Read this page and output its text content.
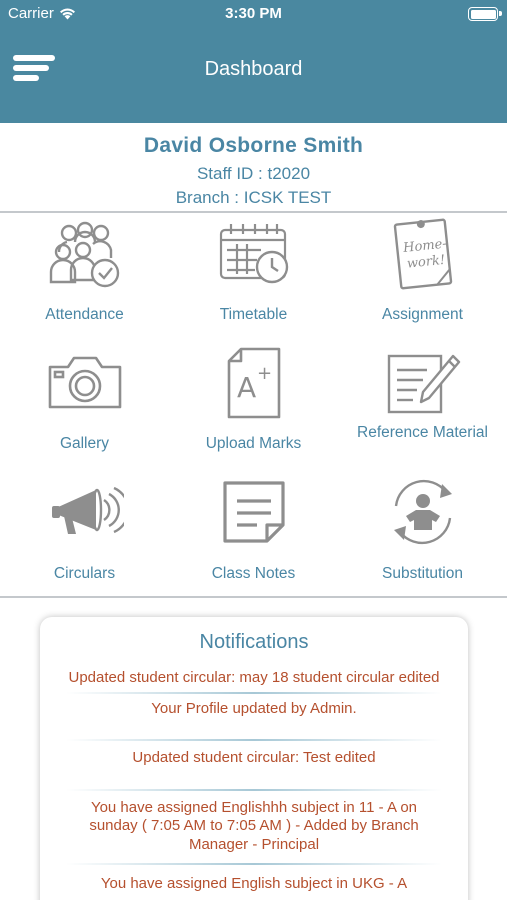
Carrier	3:30 PM
Dashboard
David Osborne Smith
Staff ID : t2020
Branch : ICSK TEST
Attendance	Timetable
Home-
work!
Assignment
Gallery
A +
Upload Marks
Reference Material
Circulars	Class Notes	Substitution
Notifications
Updated student circular: may 18 student circular edited
Your Profile updated by Admin.
Updated student circular: Test edited
You have assigned Englishhh subject in 11 - A on sunday ( 7:05 AM to 7:05 AM ) - Added by Branch Manager - Principal
You have assigned English subject in UKG - A
